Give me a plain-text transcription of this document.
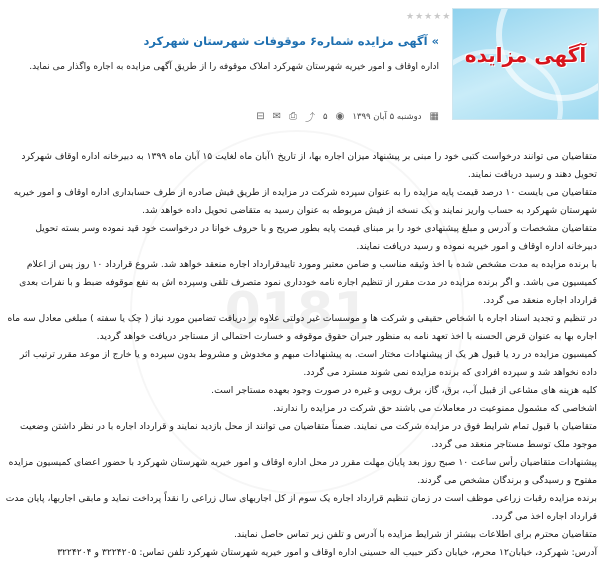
0181
آگهی مزایده
★★★★★
» آگهی مزایده شماره۶ موقوفات شهرستان شهرکرد
اداره اوقاف و امور خیریه شهرستان شهرکرد املاک موقوفه را از طریق آگهی مزایده به اجاره واگذار می نماید.
▦
دوشنبه ۵ آبان ۱۳۹۹
◉
۵
⤴
⎙
✉
⊟

متقاضیان می توانند درخواست کتبی خود را مبنی بر پیشنهاد میزان اجاره بها، از تاریخ ۱آبان ماه لغایت ۱۵ آبان ماه ۱۳۹۹ به دبیرخانه اداره اوقاف شهرکرد تحویل دهند و رسید دریافت نمایند.

متقاضیان می بایست ۱۰ درصد قیمت پایه مزایده را به عنوان سپرده شرکت در مزایده از طریق فیش صادره از طرف حسابداری اداره اوقاف و امور خیریه شهرستان شهرکرد به حساب واریز نمایند و یک نسخه از فیش مربوطه به عنوان رسید به متقاضی تحویل داده خواهد شد.

متقاضیان مشخصات و آدرس و مبلغ پیشنهادی خود را بر مبنای قیمت پایه بطور صریح و با حروف خوانا در درخواست خود قید نموده وسر بسته تحویل دبیرخانه اداره اوقاف و امور خیریه نموده و رسید دریافت نمایند.

با برنده مزایده به مدت مشخص شده با اخذ وثیقه مناسب و ضامن معتبر ومورد تاییدقرارداد اجاره منعقد خواهد شد. شروع قرارداد ۱۰ روز پس از اعلام کمیسیون می باشد. و اگر برنده مزایده در مدت مقرر از تنظیم اجاره نامه خودداری نمود متصرف تلقی وسپرده اش به نفع موقوفه ضبط و با نفرات بعدی قرارداد اجاره منعقد می گردد.

در تنظیم و تجدید اسناد اجاره با اشخاص حقیقی و شرکت ها و موسسات غیر دولتی علاوه بر دریافت تضامین مورد نیاز ( چک یا سفته ) مبلغی معادل سه ماه اجاره بها به عنوان قرض الحسنه با اخذ تعهد نامه به منظور جبران حقوق موقوفه و خسارت احتمالی از مستاجر دریافت خواهد گردید.

کمیسیون مزایده در رد یا قبول هر یک از پیشنهادات مختار است. به پیشنهادات مبهم و مخدوش و مشروط بدون سپرده و یا خارج از موعد مقرر ترتیب اثر داده نخواهد شد و سپرده افرادی که برنده مزایده نمی شوند مسترد می گردد.

کلیه هزینه های مشاعی از قبیل آب، برق، گاز، برف روبی و غیره در صورت وجود بعهده مستاجر است.

اشخاصی که مشمول ممنوعیت در معاملات می باشند حق شرکت در مزایده را ندارند.

متقاضیان با قبول تمام شرایط فوق در مزایده شرکت می نمایند. ضمناً متقاضیان می توانند از محل بازدید نمایند و قرارداد اجاره با در نظر داشتن وضعیت موجود ملک توسط مستاجر منعقد می گردد.

پیشنهادات متقاضیان رأس ساعت ۱۰ صبح روز بعد پایان مهلت مقرر در محل اداره اوقاف و امور خیریه شهرستان شهرکرد با حضور اعضای کمیسیون مزایده مفتوح و رسیدگی و برندگان مشخص می گردند.

برنده مزایده رقبات زراعی موظف است در زمان تنظیم قرارداد اجاره یک سوم از کل اجاربهای سال زراعی را نقداً پرداخت نماید و مابقی اجاربها، پایان مدت قرارداد اجاره اخذ می گردد.

متقاضیان محترم برای اطلاعات بیشتر از شرایط مزایده با آدرس و تلفن زیر تماس حاصل نمایند.

آدرس: شهرکرد، خیابان۱۲ محرم، خیابان دکتر حبیب اله حسینی اداره اوقاف و امور خیریه شهرستان شهرکرد تلفن تماس: ۳۲۲۴۲۰۵ و ۳۲۲۴۲۰۴
